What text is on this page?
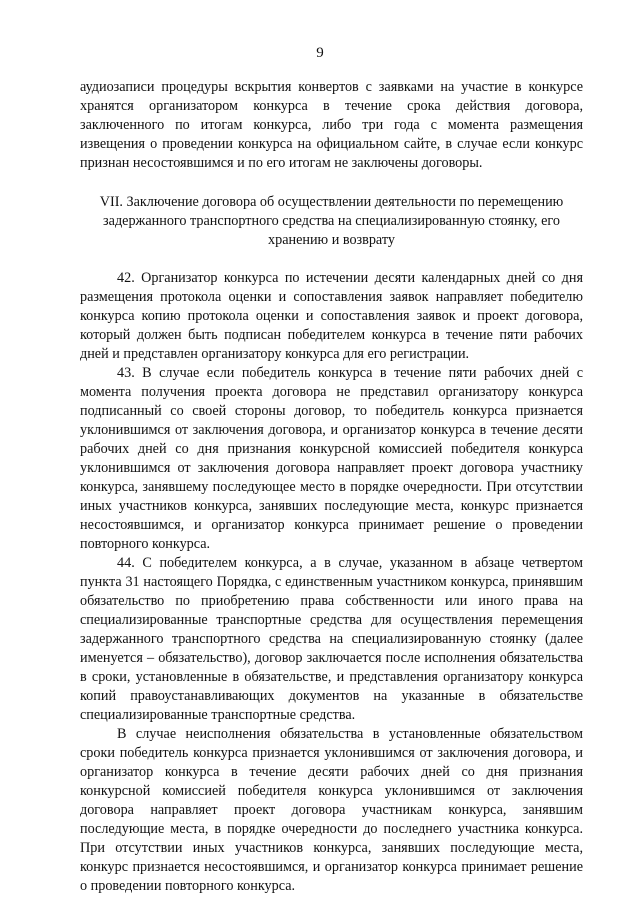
9

аудиозаписи процедуры вскрытия конвертов с заявками на участие в конкурсе хранятся организатором конкурса в течение срока действия договора, заключенного по итогам конкурса, либо три года с момента размещения извещения о проведении конкурса на официальном сайте, в случае если конкурс признан несостоявшимся и по его итогам не заключены договоры.

VII. Заключение договора об осуществлении деятельности по перемещению задержанного транспортного средства на специализированную стоянку, его хранению и возврату

42. Организатор конкурса по истечении десяти календарных дней со дня размещения протокола оценки и сопоставления заявок направляет победителю конкурса копию протокола оценки и сопоставления заявок и проект договора, который должен быть подписан победителем конкурса в течение пяти рабочих дней и представлен организатору конкурса для его регистрации.

43. В случае если победитель конкурса в течение пяти рабочих дней с момента получения проекта договора не представил организатору конкурса подписанный со своей стороны договор, то победитель конкурса признается уклонившимся от заключения договора, и организатор конкурса в течение десяти рабочих дней со дня признания конкурсной комиссией победителя конкурса уклонившимся от заключения договора направляет проект договора участнику конкурса, занявшему последующее место в порядке очередности. При отсутствии иных участников конкурса, занявших последующие места, конкурс признается несостоявшимся, и организатор конкурса принимает решение о проведении повторного конкурса.

44. С победителем конкурса, а в случае, указанном в абзаце четвертом пункта 31 настоящего Порядка, с единственным участником конкурса, принявшим обязательство по приобретению права собственности или иного права на специализированные транспортные средства для осуществления перемещения задержанного транспортного средства на специализированную стоянку (далее именуется – обязательство), договор заключается после исполнения обязательства в сроки, установленные в обязательстве, и представления организатору конкурса копий правоустанавливающих документов на указанные в обязательстве специализированные транспортные средства.

В случае неисполнения обязательства в установленные обязательством сроки победитель конкурса признается уклонившимся от заключения договора, и организатор конкурса в течение десяти рабочих дней со дня признания конкурсной комиссией победителя конкурса уклонившимся от заключения договора направляет проект договора участникам конкурса, занявшим последующие места, в порядке очередности до последнего участника конкурса. При отсутствии иных участников конкурса, занявших последующие места, конкурс признается несостоявшимся, и организатор конкурса принимает решение о проведении повторного конкурса.
